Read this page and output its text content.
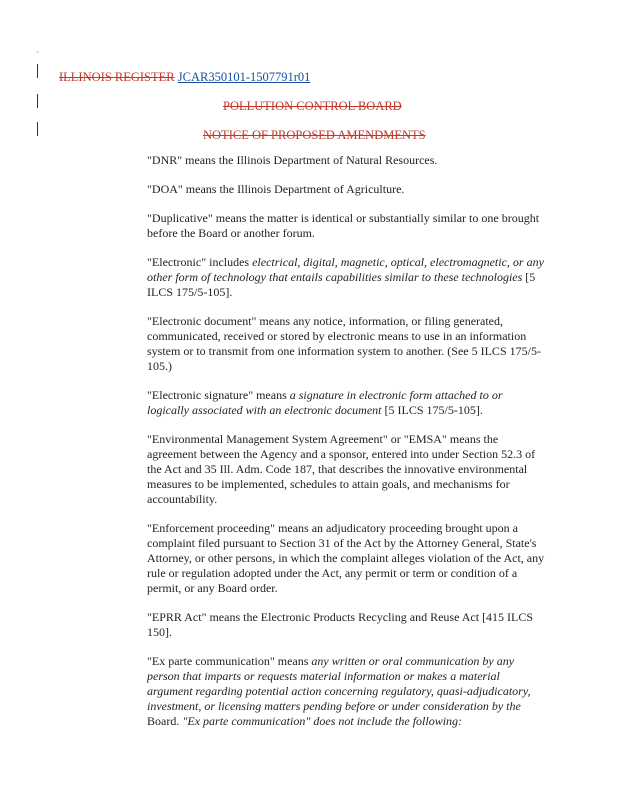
`
ILLINOIS REGISTER JCAR350101-1507791r01
POLLUTION CONTROL BOARD
NOTICE OF PROPOSED AMENDMENTS

"DNR" means the Illinois Department of Natural Resources.

"DOA" means the Illinois Department of Agriculture.

"Duplicative" means the matter is identical or substantially similar to one brought before the Board or another forum.

"Electronic" includes electrical, digital, magnetic, optical, electromagnetic, or any other form of technology that entails capabilities similar to these technologies [5 ILCS 175/5-105].

"Electronic document" means any notice, information, or filing generated, communicated, received or stored by electronic means to use in an information system or to transmit from one information system to another. (See 5 ILCS 175/5-105.)

"Electronic signature" means a signature in electronic form attached to or logically associated with an electronic document [5 ILCS 175/5-105].

"Environmental Management System Agreement" or "EMSA" means the agreement between the Agency and a sponsor, entered into under Section 52.3 of the Act and 35 Ill. Adm. Code 187, that describes the innovative environmental measures to be implemented, schedules to attain goals, and mechanisms for accountability.

"Enforcement proceeding" means an adjudicatory proceeding brought upon a complaint filed pursuant to Section 31 of the Act by the Attorney General, State's Attorney, or other persons, in which the complaint alleges violation of the Act, any rule or regulation adopted under the Act, any permit or term or condition of a permit, or any Board order.

"EPRR Act" means the Electronic Products Recycling and Reuse Act [415 ILCS 150].

"Ex parte communication" means any written or oral communication by any person that imparts or requests material information or makes a material argument regarding potential action concerning regulatory, quasi-adjudicatory, investment, or licensing matters pending before or under consideration by the Board. "Ex parte communication" does not include the following:
